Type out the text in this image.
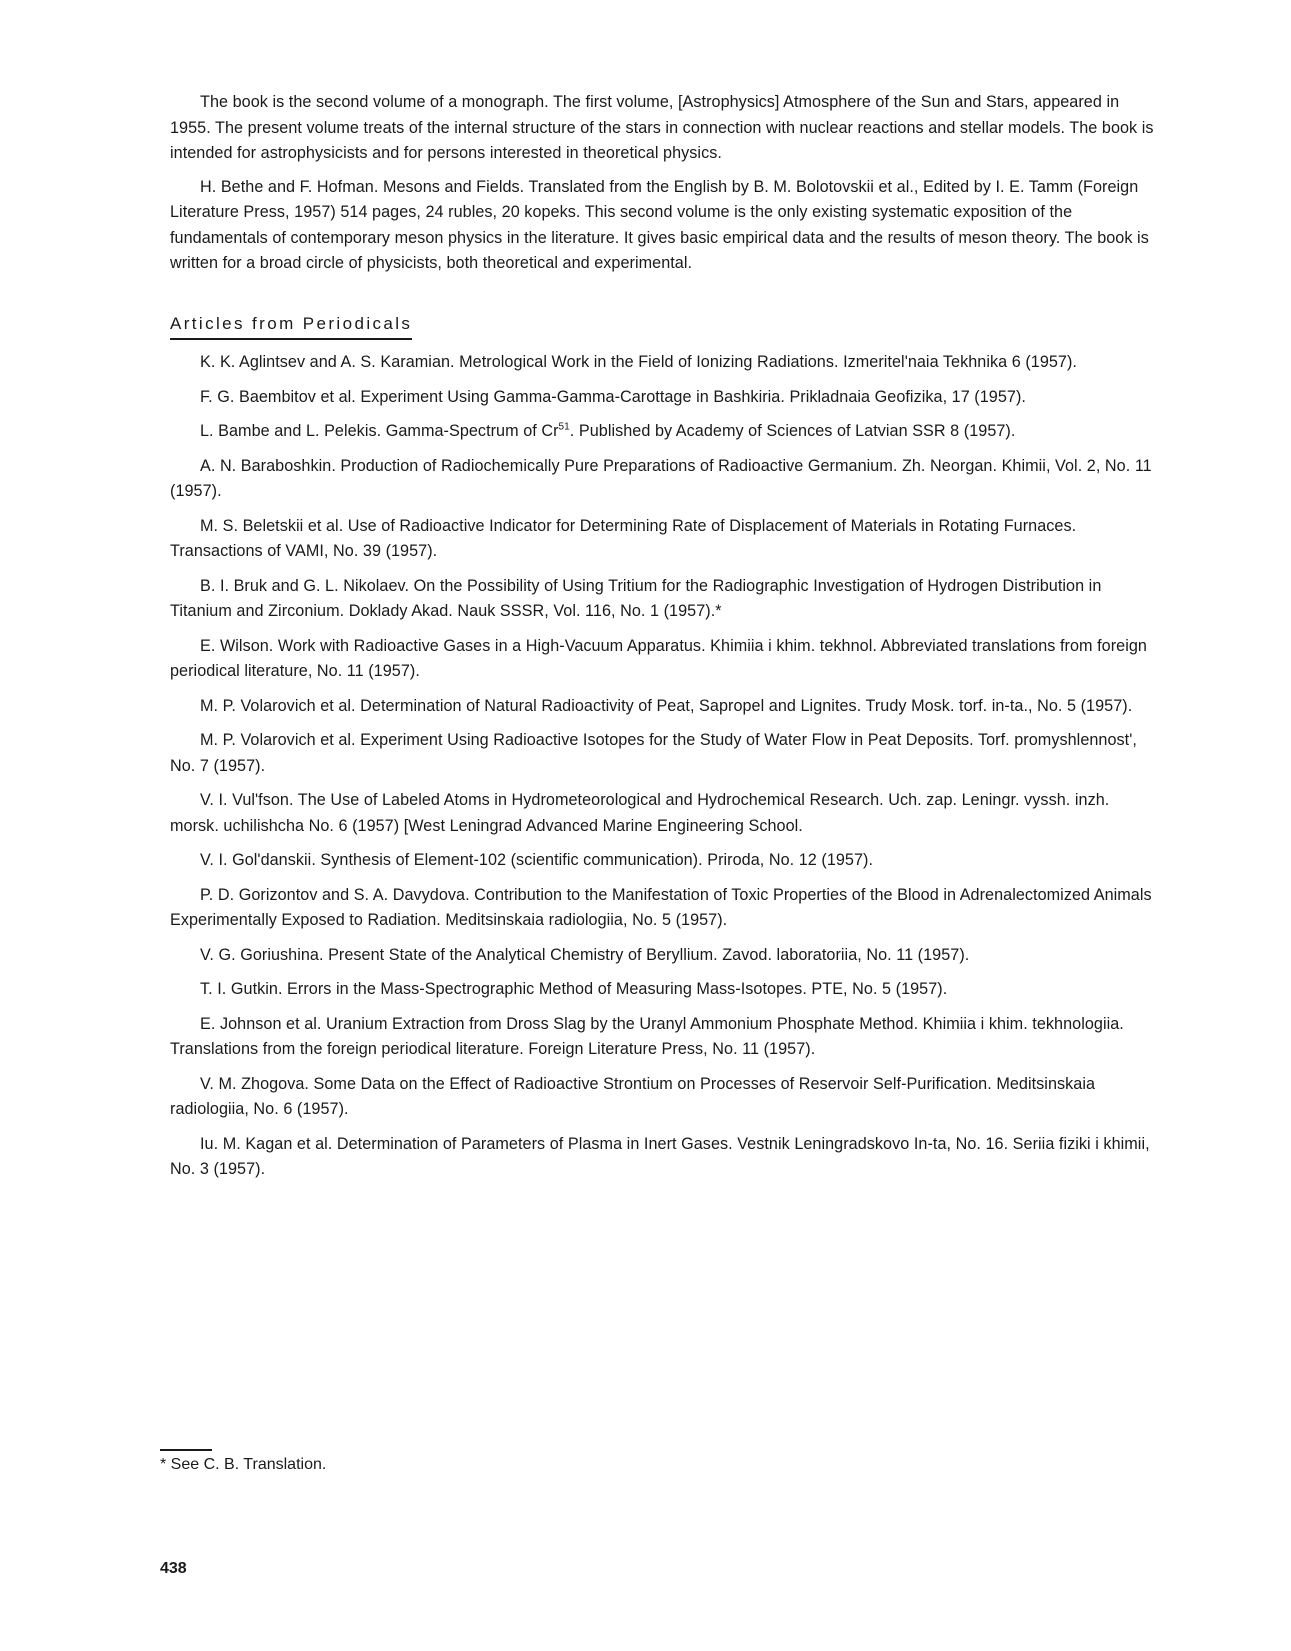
The book is the second volume of a monograph. The first volume, [Astrophysics] Atmosphere of the Sun and Stars, appeared in 1955. The present volume treats of the internal structure of the stars in connection with nuclear reactions and stellar models. The book is intended for astrophysicists and for persons interested in theoretical physics.

H. Bethe and F. Hofman. Mesons and Fields. Translated from the English by B. M. Bolotovskii et al., Edited by I. E. Tamm (Foreign Literature Press, 1957) 514 pages, 24 rubles, 20 kopeks. This second volume is the only existing systematic exposition of the fundamentals of contemporary meson physics in the literature. It gives basic empirical data and the results of meson theory. The book is written for a broad circle of physicists, both theoretical and experimental.

Articles from Periodicals

K. K. Aglintsev and A. S. Karamian. Metrological Work in the Field of Ionizing Radiations. Izmeritel'naia Tekhnika 6 (1957).

F. G. Baembitov et al. Experiment Using Gamma-Gamma-Carottage in Bashkiria. Prikladnaia Geofizika, 17 (1957).

L. Bambe and L. Pelekis. Gamma-Spectrum of Cr$^{51}$. Published by Academy of Sciences of Latvian SSR 8 (1957).

A. N. Baraboshkin. Production of Radiochemically Pure Preparations of Radioactive Germanium. Zh. Neorgan. Khimii, Vol. 2, No. 11 (1957).

M. S. Beletskii et al. Use of Radioactive Indicator for Determining Rate of Displacement of Materials in Rotating Furnaces. Transactions of VAMI, No. 39 (1957).

B. I. Bruk and G. L. Nikolaev. On the Possibility of Using Tritium for the Radiographic Investigation of Hydrogen Distribution in Titanium and Zirconium. Doklady Akad. Nauk SSSR, Vol. 116, No. 1 (1957).*

E. Wilson. Work with Radioactive Gases in a High-Vacuum Apparatus. Khimiia i khim. tekhnol. Abbreviated translations from foreign periodical literature, No. 11 (1957).

M. P. Volarovich et al. Determination of Natural Radioactivity of Peat, Sapropel and Lignites. Trudy Mosk. torf. in-ta., No. 5 (1957).

M. P. Volarovich et al. Experiment Using Radioactive Isotopes for the Study of Water Flow in Peat Deposits. Torf. promyshlennost', No. 7 (1957).

V. I. Vul'fson. The Use of Labeled Atoms in Hydrometeorological and Hydrochemical Research. Uch. zap. Leningr. vyssh. inzh. morsk. uchilishcha No. 6 (1957) [West Leningrad Advanced Marine Engineering School.

V. I. Gol'danskii. Synthesis of Element-102 (scientific communication). Priroda, No. 12 (1957).

P. D. Gorizontov and S. A. Davydova. Contribution to the Manifestation of Toxic Properties of the Blood in Adrenalectomized Animals Experimentally Exposed to Radiation. Meditsinskaia radiologiia, No. 5 (1957).

V. G. Goriushina. Present State of the Analytical Chemistry of Beryllium. Zavod. laboratoriia, No. 11 (1957).

T. I. Gutkin. Errors in the Mass-Spectrographic Method of Measuring Mass-Isotopes. PTE, No. 5 (1957).

E. Johnson et al. Uranium Extraction from Dross Slag by the Uranyl Ammonium Phosphate Method. Khimiia i khim. tekhnologiia. Translations from the foreign periodical literature. Foreign Literature Press, No. 11 (1957).

V. M. Zhogova. Some Data on the Effect of Radioactive Strontium on Processes of Reservoir Self-Purification. Meditsinskaia radiologiia, No. 6 (1957).

Iu. M. Kagan et al. Determination of Parameters of Plasma in Inert Gases. Vestnik Leningradskovo In-ta, No. 16. Seriia fiziki i khimii, No. 3 (1957).

* See C. B. Translation.
438
